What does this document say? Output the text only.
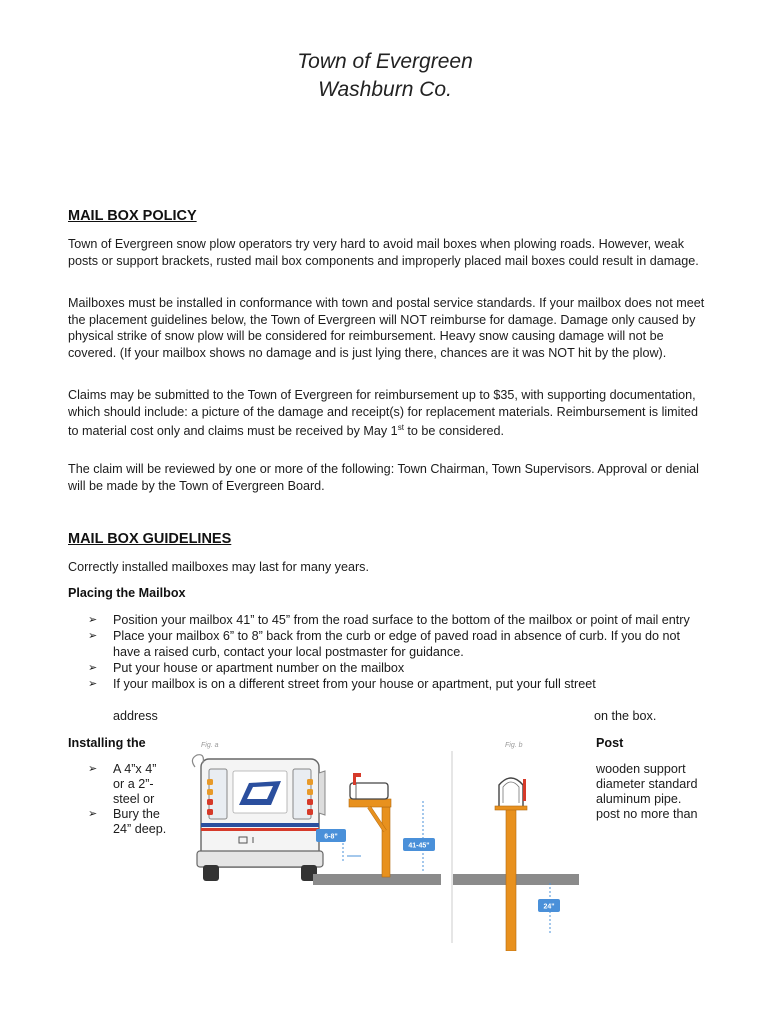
Town of Evergreen
Washburn Co.
MAIL BOX POLICY
Town of Evergreen snow plow operators try very hard to avoid mail boxes when plowing roads. However, weak posts or support brackets, rusted mail box components and improperly placed mail boxes could result in damage.
Mailboxes must be installed in conformance with town and postal service standards. If your mailbox does not meet the placement guidelines below, the Town of Evergreen will NOT reimburse for damage. Damage only caused by physical strike of snow plow will be considered for reimbursement. Heavy snow causing damage will not be covered. (If your mailbox shows no damage and is just lying there, chances are it was NOT hit by the plow).
Claims may be submitted to the Town of Evergreen for reimbursement up to $35, with supporting documentation, which should include: a picture of the damage and receipt(s) for replacement materials. Reimbursement is limited to material cost only and claims must be received by May 1st to be considered.
The claim will be reviewed by one or more of the following: Town Chairman, Town Supervisors. Approval or denial will be made by the Town of Evergreen Board.
MAIL BOX GUIDELINES
Correctly installed mailboxes may last for many years.
Placing the Mailbox
➢	Position your mailbox 41” to 45” from the road surface to the bottom of the mailbox or point of mail entry
➢	Place your mailbox 6” to 8” back from the curb or edge of paved road in absence of curb. If you do not have a raised curb, contact your local postmaster for guidance.
➢	Put your house or apartment number on the mailbox
➢	If your mailbox is on a different street from your house or apartment, put your full street
address	on the box.
Installing the	Post
➢	A 4”x 4”
or a 2”-
steel or
➢	Bury the
24” deep.
wooden support
diameter standard
aluminum pipe.
post no more than
Fig. a	Fig. b
6-8"
41-45"
24"
